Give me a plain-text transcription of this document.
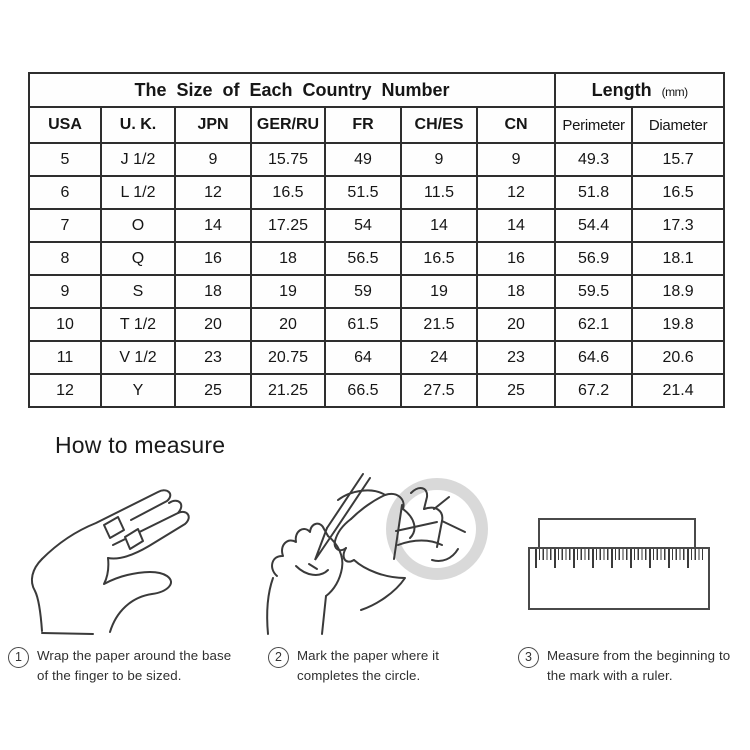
The Size of Each Country Number							Length (mm)	
USA	U. K.	JPN	GER/RU	FR	CH/ES	CN	Perimeter	Diameter
5	J 1/2	9	15.75	49	9	9	49.3	15.7
6	L 1/2	12	16.5	51.5	11.5	12	51.8	16.5
7	O	14	17.25	54	14	14	54.4	17.3
8	Q	16	18	56.5	16.5	16	56.9	18.1
9	S	18	19	59	19	18	59.5	18.9
10	T 1/2	20	20	61.5	21.5	20	62.1	19.8
11	V 1/2	23	20.75	64	24	23	64.6	20.6
12	Y	25	21.25	66.5	27.5	25	67.2	21.4
How to measure
1	Wrap the paper around the base of the finger to be sized.
2	Mark the paper where it completes the circle.
3	Measure from the beginning to the mark with a ruler.
